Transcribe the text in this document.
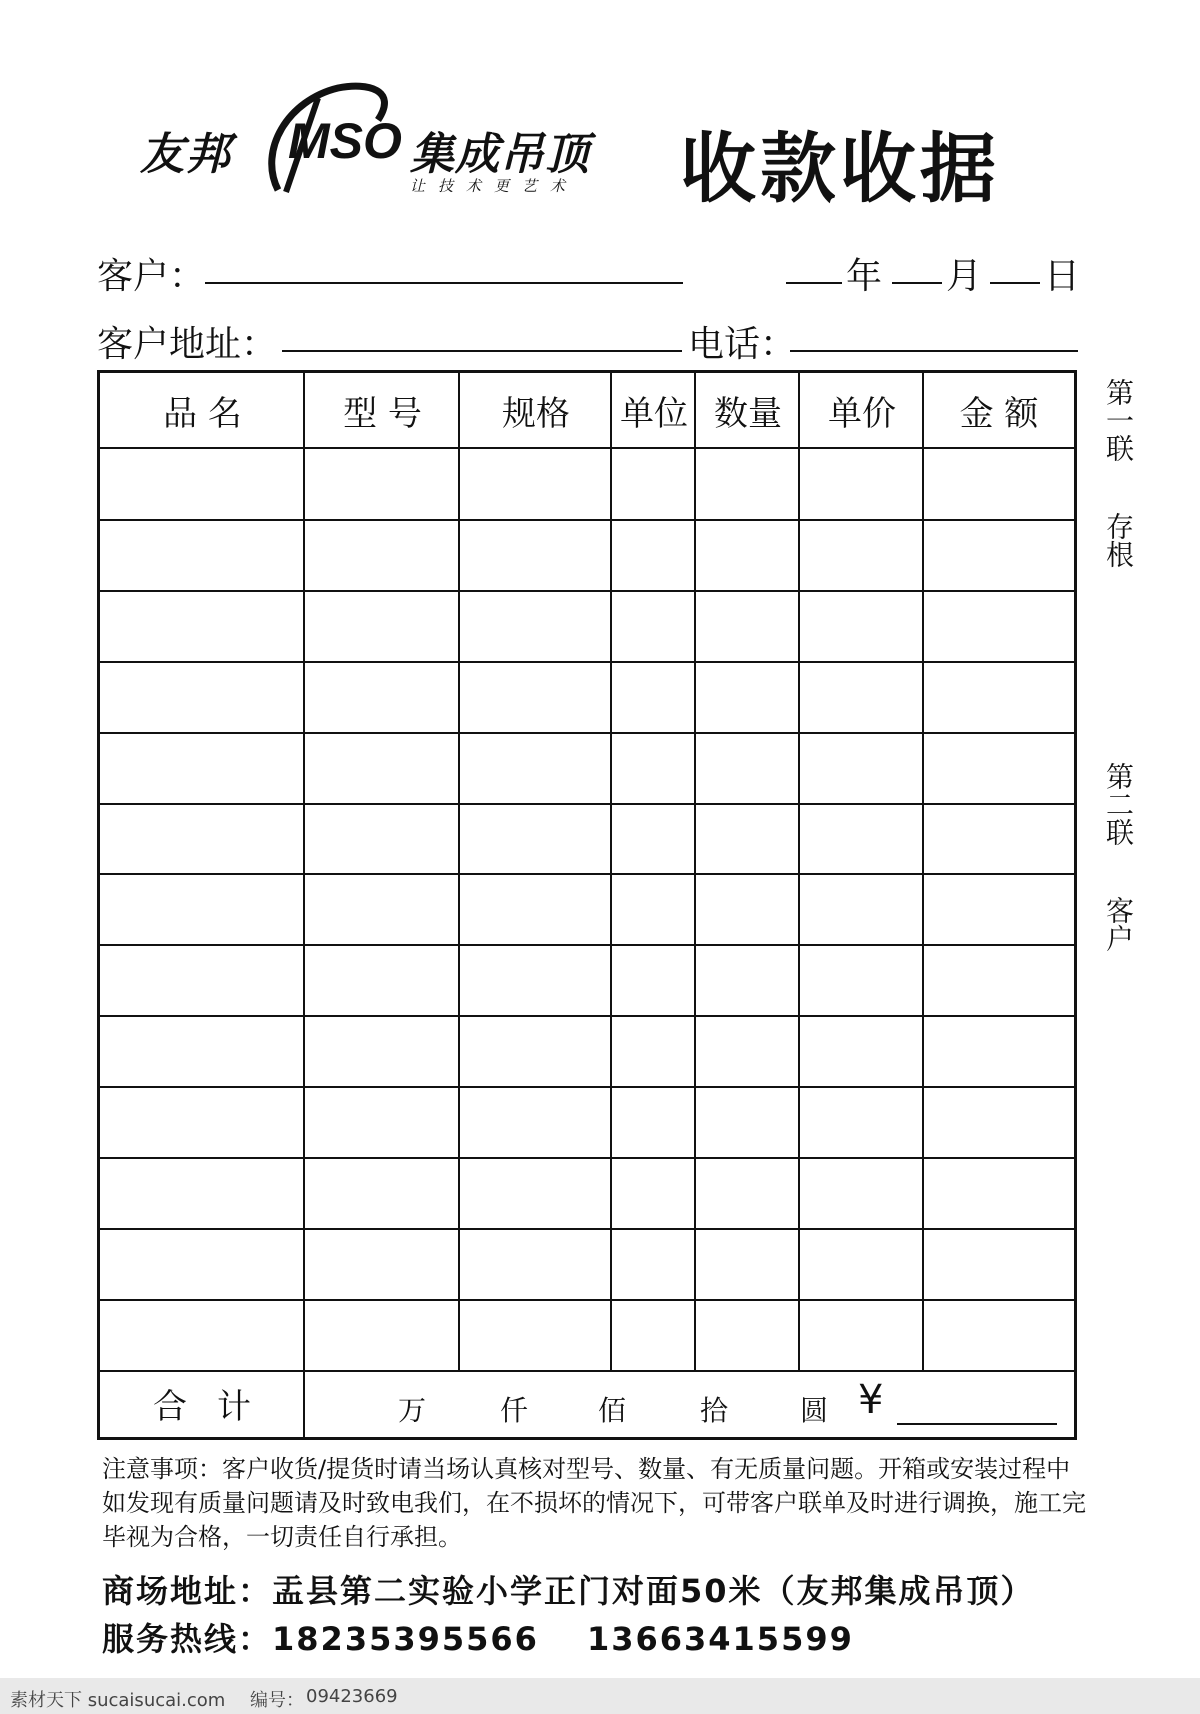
友邦 MSO 集成吊顶
让技术更艺术 收款收据
客户：	年 月 日
客户地址：	电话：
品 名	型 号	规格	单位 数量	单价	金 额
合计	万	仟 佰	拾	圆 ¥
第一联
存根
第二联
客户
注意事项：客户收货/提货时请当场认真核对型号、数量、有无质量问题。开箱或安装过程中如发现有质量问题请及时致电我们，在不损坏的情况下，可带客户联单及时进行调换，施工完毕视为合格，一切责任自行承担。
商场地址：盂县第二实验小学正门对面50米（友邦集成吊顶）
服务热线：18235395566 13663415599
素材天下 sucaisucai.com 编号： 09423669
